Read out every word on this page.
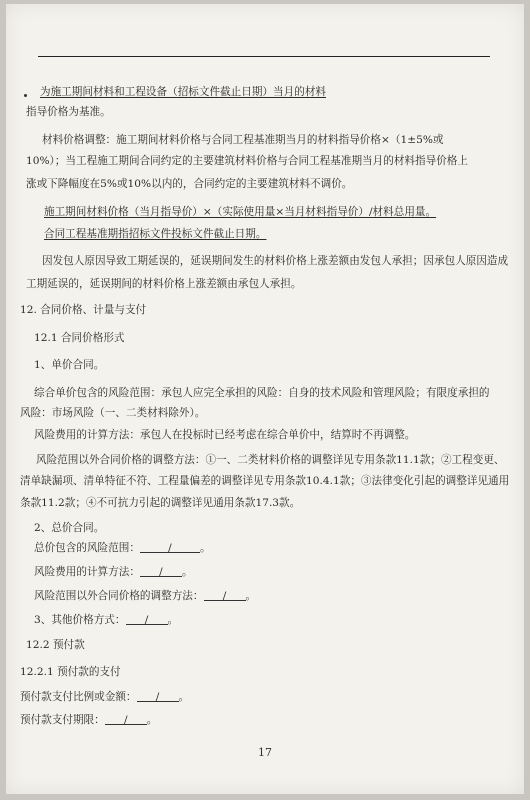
为施工期间材料和工程设备（招标文件截止日期）当月的材料
指导价格为基准。
材料价格调整：施工期间材料价格与合同工程基准期当月的材料指导价格×（1±5%或
10%）；当工程施工期间合同约定的主要建筑材料价格与合同工程基准期当月的材料指导价格上
涨或下降幅度在5%或10%以内的，合同约定的主要建筑材料不调价。
施工期间材料价格（当月指导价）×（实际使用量×当月材料指导价）/材料总用量。
合同工程基准期指招标文件投标文件截止日期。
因发包人原因导致工期延误的，延误期间发生的材料价格上涨差额由发包人承担；因承包人原因造成
工期延误的，延误期间的材料价格上涨差额由承包人承担。
12. 合同价格、计量与支付
12.1 合同价格形式
1、单价合同。
综合单价包含的风险范围：承包人应完全承担的风险：自身的技术风险和管理风险；有限度承担的
风险：市场风险（一、二类材料除外）。
风险费用的计算方法：承包人在投标时已经考虑在综合单价中，结算时不再调整。
风险范围以外合同价格的调整方法：①一、二类材料价格的调整详见专用条款11.1款；②工程变更、
清单缺漏项、清单特征不符、工程量偏差的调整详见专用条款10.4.1款；③法律变化引起的调整详见通用
条款11.2款；④不可抗力引起的调整详见通用条款17.3款。
2、总价合同。
总价包含的风险范围：	/	。
风险费用的计算方法： / 。
风险范围以外合同价格的调整方法： / 。
3、其他价格方式： / 。
12.2 预付款
12.2.1 预付款的支付
预付款支付比例或金额： / 。
预付款支付期限： / 。
17
